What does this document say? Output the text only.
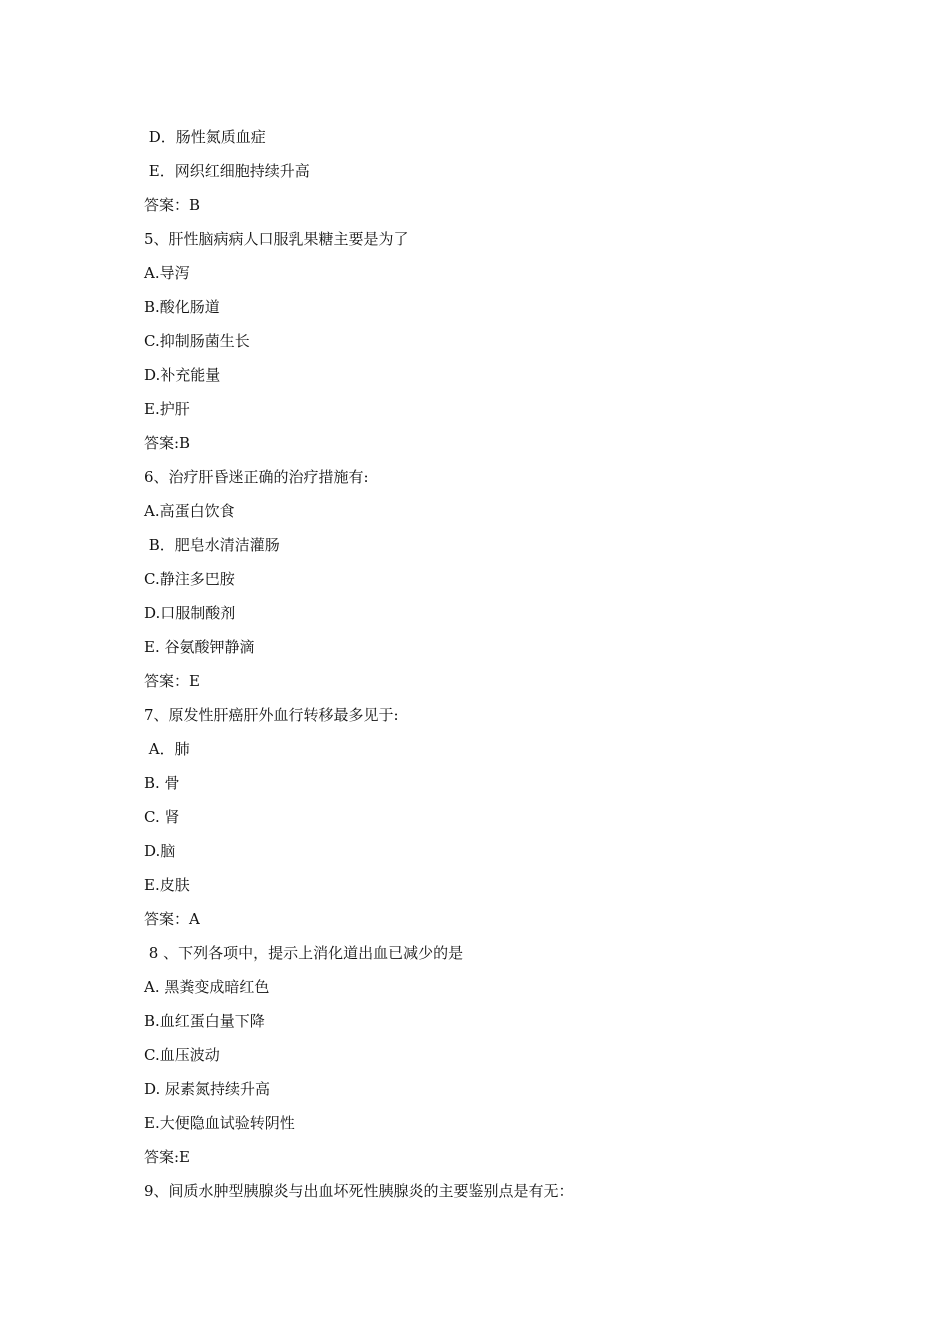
D．肠性氮质血症
E．网织红细胞持续升高
答案：B
5、肝性脑病病人口服乳果糖主要是为了
A.导泻
B.酸化肠道
C.抑制肠菌生长
D.补充能量
E.护肝
答案:B
6、治疗肝昏迷正确的治疗措施有:
A.高蛋白饮食
B．肥皂水清洁灌肠
C.静注多巴胺
D.口服制酸剂
E. 谷氨酸钾静滴
答案：E
7、原发性肝癌肝外血行转移最多见于:
A．肺
B. 骨
C. 肾
D.脑
E.皮肤
答案：A
8 、下列各项中，提示上消化道出血已减少的是
A. 黑粪变成暗红色
B.血红蛋白量下降
C.血压波动
D. 尿素氮持续升高
E.大便隐血试验转阴性
答案:E
9、间质水肿型胰腺炎与出血坏死性胰腺炎的主要鉴别点是有无：
